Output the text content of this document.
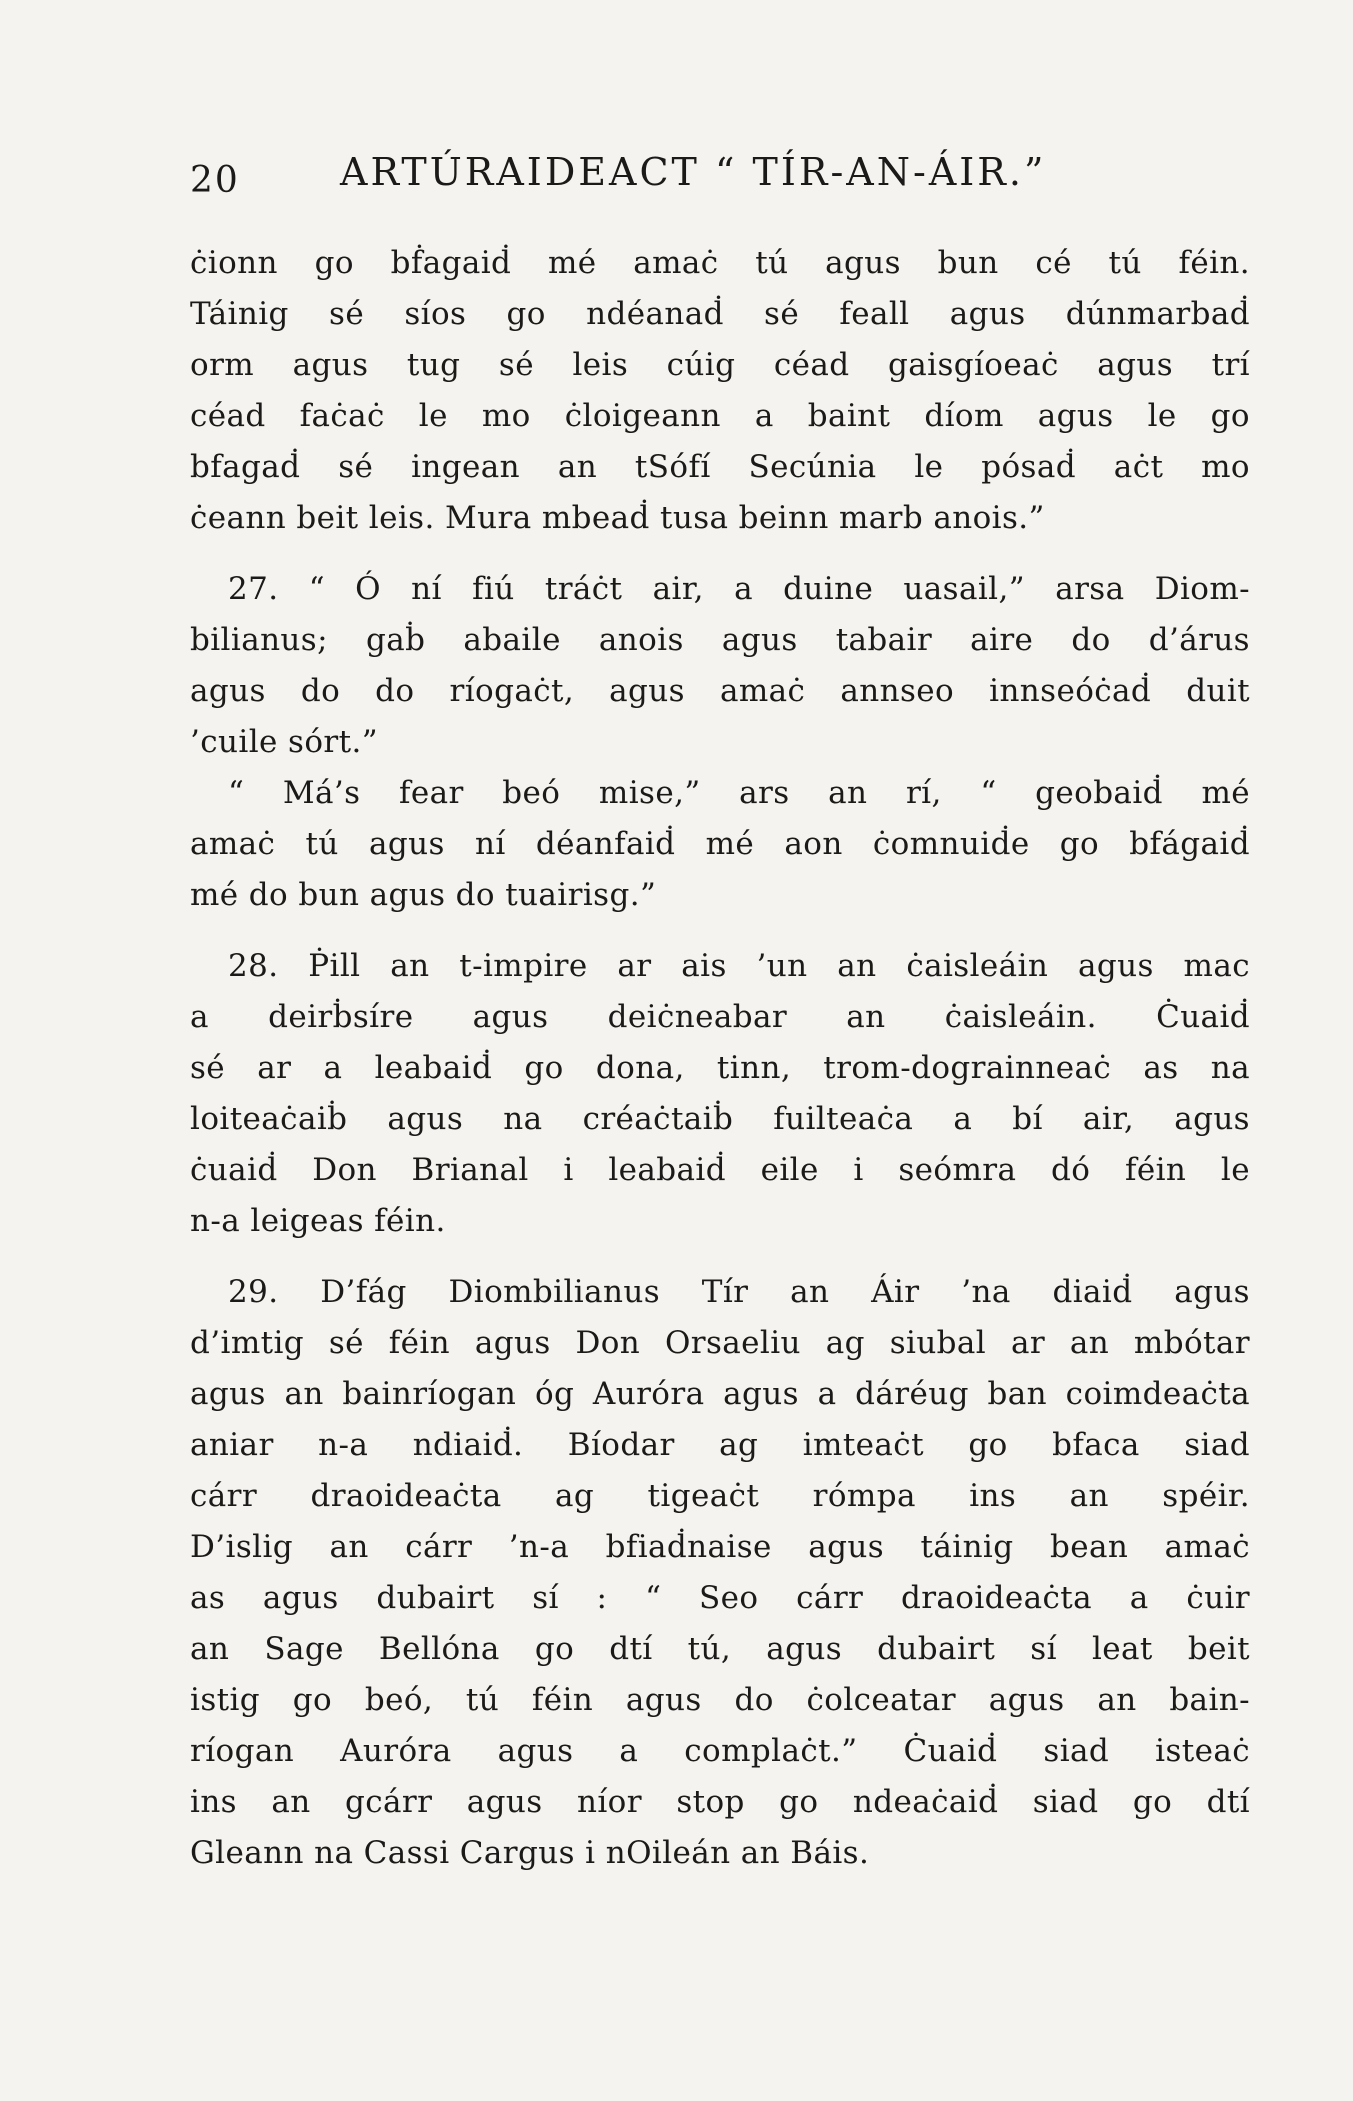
20	ARTÚRAIDEACT “ TÍR-AN-ÁIR.”
ċionn go bḟagaiḋ mé amaċ tú agus bun cé tú féin.
Táinig sé síos go ndéanaḋ sé feall agus dúnmarbaḋ
orm agus tug sé leis cúig céad gaisgíoeaċ agus trí
céad faċaċ le mo ċloigeann a baint díom agus le go
bfagaḋ sé ingean an tSófí Secúnia le pósaḋ aċt mo
ċeann beit leis. Mura mbeaḋ tusa beinn marb anois.”
27. “ Ó ní fiú tráċt air, a duine uasail,” arsa Diom-
bilianus; gaḃ abaile anois agus tabair aire do d’árus
agus do do ríogaċt, agus amaċ annseo innseóċaḋ duit
’cuile sórt.”
“ Má’s fear beó mise,” ars an rí, “ geobaiḋ mé
amaċ tú agus ní déanfaiḋ mé aon ċomnuiḋe go bfágaiḋ
mé do bun agus do tuairisg.”
28. Ṗill an t-impire ar ais ’un an ċaisleáin agus mac
a deirḃsíre agus deiċneabar an ċaisleáin. Ċuaiḋ
sé ar a leabaiḋ go dona, tinn, trom-dograinneaċ as na
loiteaċaiḃ agus na créaċtaiḃ fuilteaċa a bí air, agus
ċuaiḋ Don Brianal i leabaiḋ eile i seómra dó féin le
n-a leigeas féin.
29. D’fág Diombilianus Tír an Áir ’na diaiḋ agus
d’imtig sé féin agus Don Orsaeliu ag siubal ar an mbótar
agus an bainríogan óg Auróra agus a dáréug ban coimdeaċta
aniar n-a ndiaiḋ. Bíodar ag imteaċt go bfaca siad
cárr draoideaċta ag tigeaċt rómpa ins an spéir.
D’islig an cárr ’n-a bfiaḋnaise agus táinig bean amaċ
as agus dubairt sí : “ Seo cárr draoideaċta a ċuir
an Sage Bellóna go dtí tú, agus dubairt sí leat beit
istig go beó, tú féin agus do ċolceatar agus an bain-
ríogan Auróra agus a complaċt.” Ċuaiḋ siad isteaċ
ins an gcárr agus níor stop go ndeaċaiḋ siad go dtí
Gleann na Cassi Cargus i nOileán an Báis.
